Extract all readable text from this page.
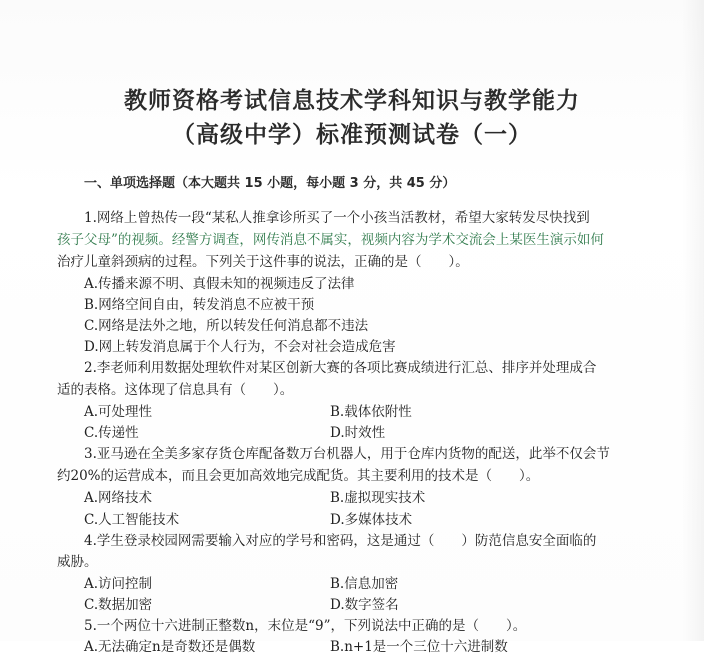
教师资格考试信息技术学科知识与教学能力
（高级中学）标准预测试卷（一）
一、单项选择题（本大题共 15 小题，每小题 3 分，共 45 分）
1.网络上曾热传一段“某私人推拿诊所买了一个小孩当活教材，希望大家转发尽快找到
孩子父母”的视频。经警方调查，网传消息不属实，视频内容为学术交流会上某医生演示如何
治疗儿童斜颈病的过程。下列关于这件事的说法，正确的是（　　）。
A.传播来源不明、真假未知的视频违反了法律
B.网络空间自由，转发消息不应被干预
C.网络是法外之地，所以转发任何消息都不违法
D.网上转发消息属于个人行为，不会对社会造成危害
2.李老师利用数据处理软件对某区创新大赛的各项比赛成绩进行汇总、排序并处理成合
适的表格。这体现了信息具有（　　）。
A.可处理性	B.载体依附性
C.传递性	D.时效性
3.亚马逊在全美多家存货仓库配备数万台机器人，用于仓库内货物的配送，此举不仅会节
约20%的运营成本，而且会更加高效地完成配货。其主要利用的技术是（　　）。
A.网络技术	B.虚拟现实技术
C.人工智能技术	D.多媒体技术
4.学生登录校园网需要输入对应的学号和密码，这是通过（　　）防范信息安全面临的
威胁。
A.访问控制	B.信息加密
C.数据加密	D.数字签名
5.一个两位十六进制正整数n，末位是“9”，下列说法中正确的是（　　）。
A.无法确定n是奇数还是偶数	B.n+1是一个三位十六进制数
